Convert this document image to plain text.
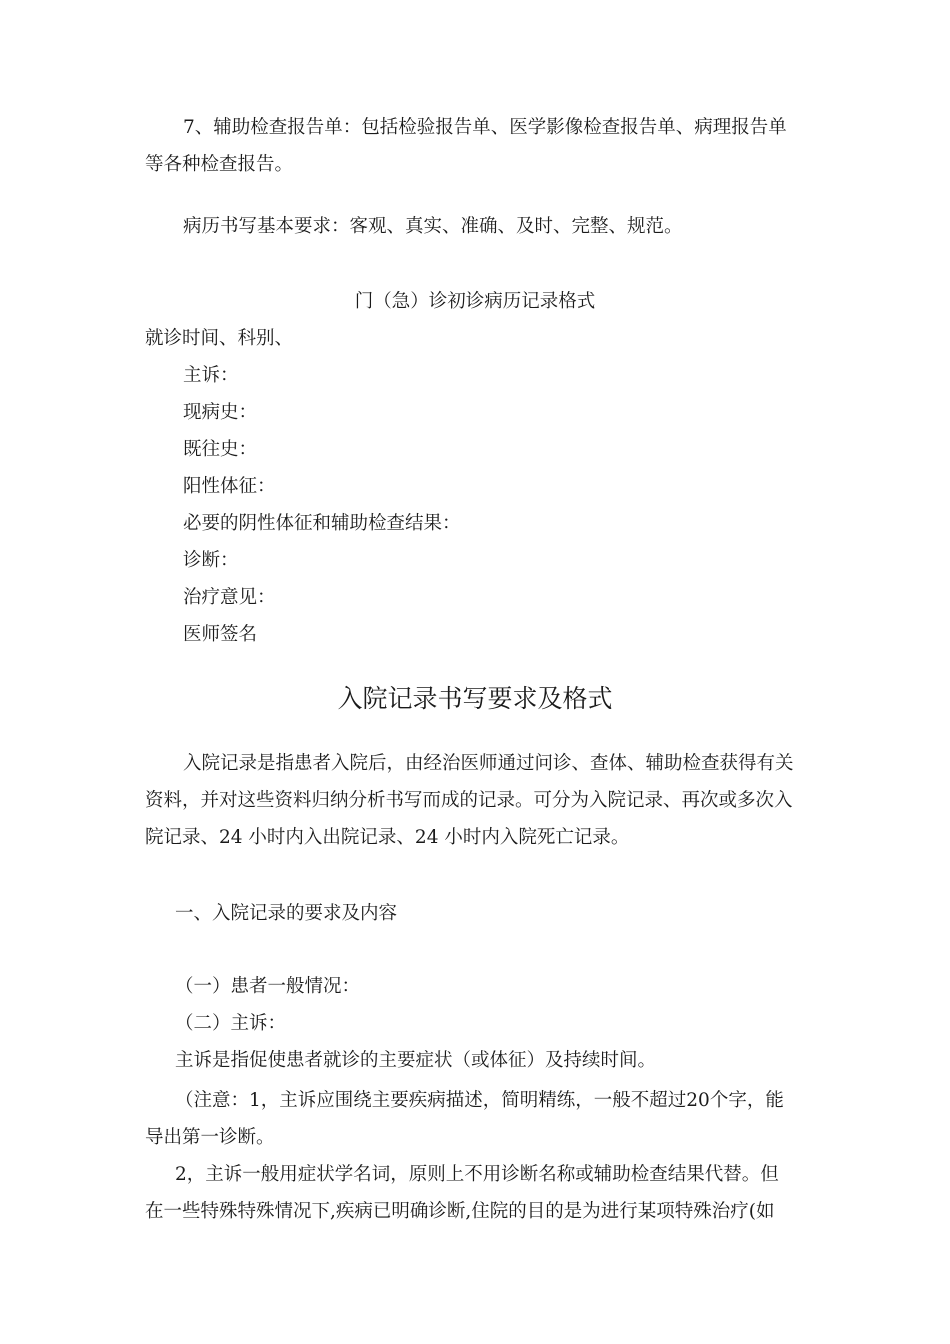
7、辅助检查报告单：包括检验报告单、医学影像检查报告单、病理报告单
等各种检查报告。
病历书写基本要求：客观、真实、准确、及时、完整、规范。
门（急）诊初诊病历记录格式
就诊时间、科别、
主诉：
现病史：
既往史：
阳性体征：
必要的阴性体征和辅助检查结果：
诊断：
治疗意见：
医师签名
入院记录书写要求及格式
入院记录是指患者入院后，由经治医师通过问诊、查体、辅助检查获得有关
资料，并对这些资料归纳分析书写而成的记录。可分为入院记录、再次或多次入
院记录、24 小时内入出院记录、24 小时内入院死亡记录。
一、入院记录的要求及内容
（一）患者一般情况：
（二）主诉：
主诉是指促使患者就诊的主要症状（或体征）及持续时间。
（注意：1，主诉应围绕主要疾病描述，简明精练，一般不超过20个字，能
导出第一诊断。
2，主诉一般用症状学名词，原则上不用诊断名称或辅助检查结果代替。但
在一些特殊特殊情况下,疾病已明确诊断,住院的目的是为进行某项特殊治疗(如
